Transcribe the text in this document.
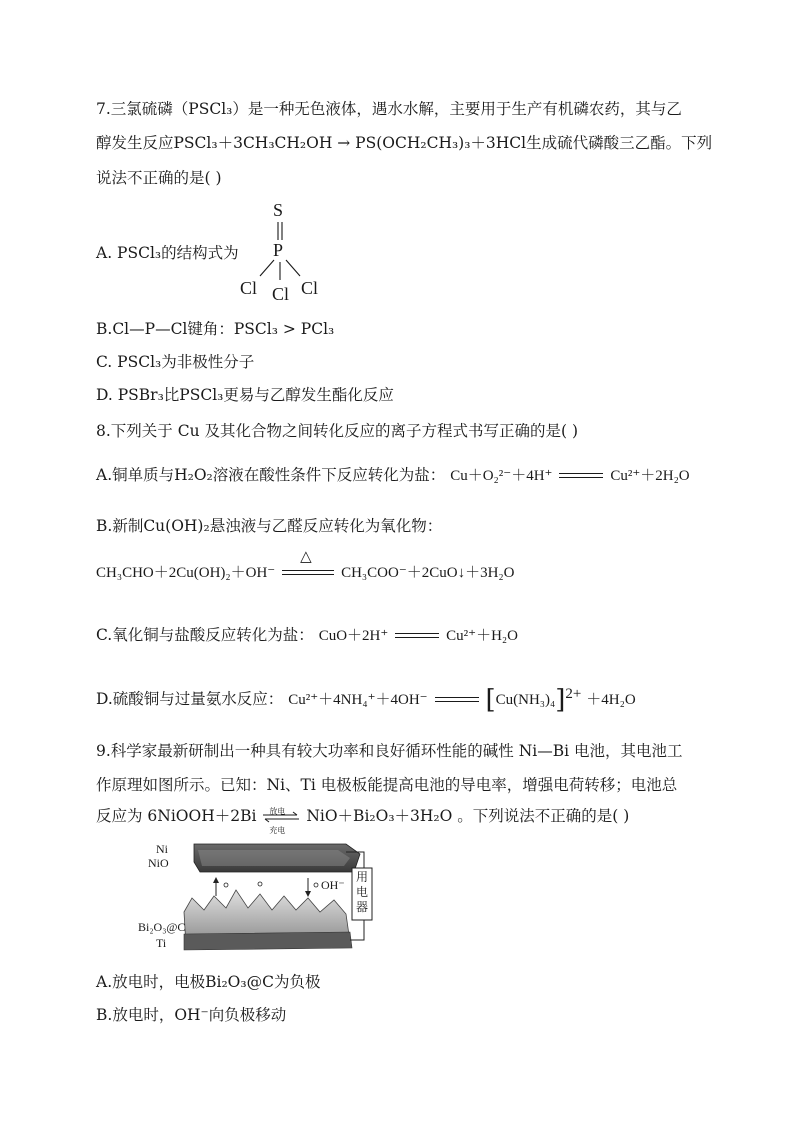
7.三氯硫磷（PSCl₃）是一种无色液体，遇水水解，主要用于生产有机磷农药，其与乙
醇发生反应PSCl₃＋3CH₃CH₂OH → PS(OCH₂CH₃)₃＋3HCl生成硫代磷酸三乙酯。下列
说法不正确的是( )
A. PSCl₃的结构式为
S
P
Cl Cl Cl
B.Cl—P—Cl键角：PSCl₃ > PCl₃
C. PSCl₃为非极性分子
D. PSBr₃比PSCl₃更易与乙醇发生酯化反应
8.下列关于 Cu 及其化合物之间转化反应的离子方程式书写正确的是( )
A.铜单质与H₂O₂溶液在酸性条件下反应转化为盐： Cu＋O₂²⁻＋4H⁺	Cu²⁺＋2H₂O
B.新制Cu(OH)₂悬浊液与乙醛反应转化为氧化物：
CH₃CHO＋2Cu(OH)₂＋OH⁻
△
CH₃COO⁻＋2CuO↓＋3H₂O
C.氧化铜与盐酸反应转化为盐： CuO＋2H⁺	Cu²⁺＋H₂O
D.硫酸铜与过量氨水反应： Cu²⁺＋4NH₄⁺＋4OH⁻ $[Cu(NH_3)_4]^{2+} +4H_2O$
9.科学家最新研制出一种具有较大功率和良好循环性能的碱性 Ni—Bi 电池，其电池工
作原理如图所示。已知：Ni、Ti 电极板能提高电池的导电率，增强电荷转移；电池总
反应为 6NiOOH＋2Bi 放电
充电
NiO＋Bi₂O₃＋3H₂O 。下列说法不正确的是( )
Ni
NiO
OH⁻
用电器
Bi₂O₃@C
Ti
A.放电时，电极Bi₂O₃@C为负极
B.放电时，OH⁻向负极移动
